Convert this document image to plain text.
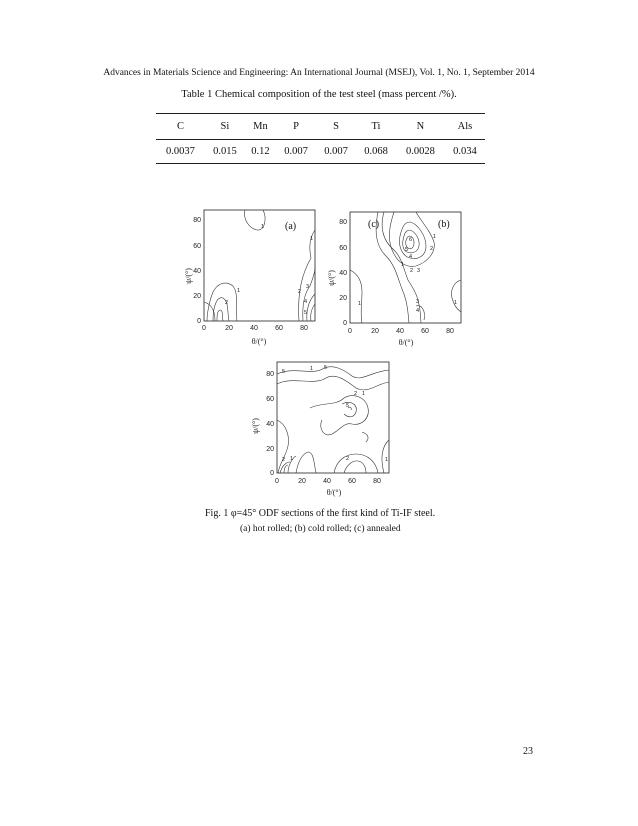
Advances in Materials Science and Engineering: An International Journal (MSEJ), Vol. 1, No. 1, September 2014
Table 1 Chemical composition of the test steel (mass percent /%).
C	Si	Mn	P	S	Ti	N	Als
0.0037	0.015	0.12	0.007	0.007	0.068	0.0028	0.034
ψ/(°)
80
60
40
20
0
1
1
1
2
2
3
4
5
(a)
0	20 40 60 80
θ/(°)
ψ/(°)
80
60
40
20
0
6
5
4
1
2 3
2
1
1	3
4
1
(c)	(b)
0	20 40 60 80
θ/(°)
ψ/(°)
80
60
40
20
0
5	1 5
2 1
5
2 1	2	1
0	20 40 60 80
θ/(°)
Fig. 1 φ=45° ODF sections of the first kind of Ti-IF steel.
(a) hot rolled; (b) cold rolled; (c) annealed
23
